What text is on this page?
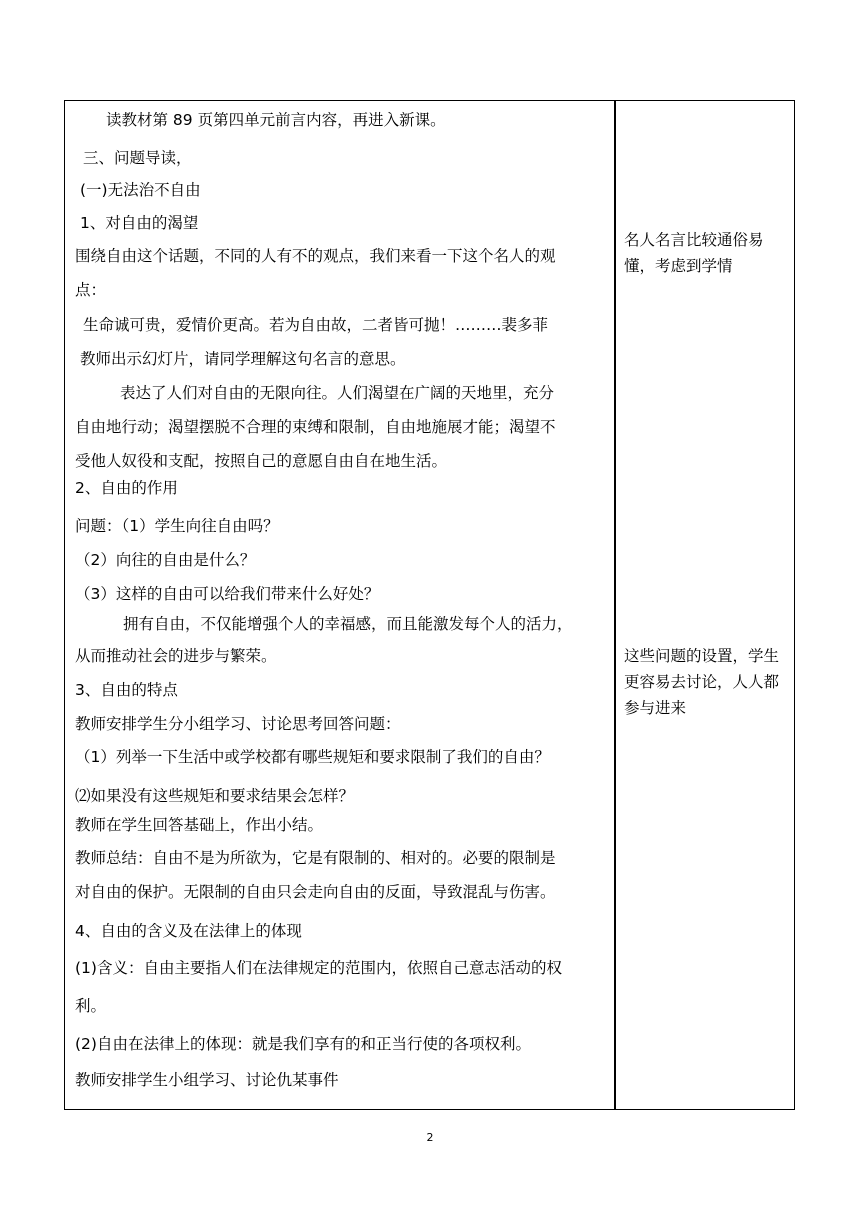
读教材第 89 页第四单元前言内容，再进入新课。
三、问题导读，
(一)无法治不自由
1、对自由的渴望
围绕自由这个话题，不同的人有不的观点，我们来看一下这个名人的观
点：
生命诚可贵，爱情价更高。若为自由故，二者皆可抛！………裴多菲
教师出示幻灯片，请同学理解这句名言的意思。
表达了人们对自由的无限向往。人们渴望在广阔的天地里，充分
自由地行动；渴望摆脱不合理的束缚和限制，自由地施展才能；渴望不
受他人奴役和支配，按照自己的意愿自由自在地生活。
2、自由的作用
问题：（1）学生向往自由吗？
（2）向往的自由是什么？
（3）这样的自由可以给我们带来什么好处？
拥有自由，不仅能增强个人的幸福感，而且能激发每个人的活力，
从而推动社会的进步与繁荣。
3、自由的特点
教师安排学生分小组学习、讨论思考回答问题：
（1）列举一下生活中或学校都有哪些规矩和要求限制了我们的自由？
⑵如果没有这些规矩和要求结果会怎样？
教师在学生回答基础上，作出小结。
教师总结：自由不是为所欲为，它是有限制的、相对的。必要的限制是
对自由的保护。无限制的自由只会走向自由的反面，导致混乱与伤害。
4、自由的含义及在法律上的体现
(1)含义：自由主要指人们在法律规定的范围内，依照自己意志活动的权
利。
(2)自由在法律上的体现：就是我们享有的和正当行使的各项权利。
教师安排学生小组学习、讨论仇某事件
名人名言比较通俗易懂，考虑到学情
这些问题的设置，学生更容易去讨论，人人都参与进来
2
